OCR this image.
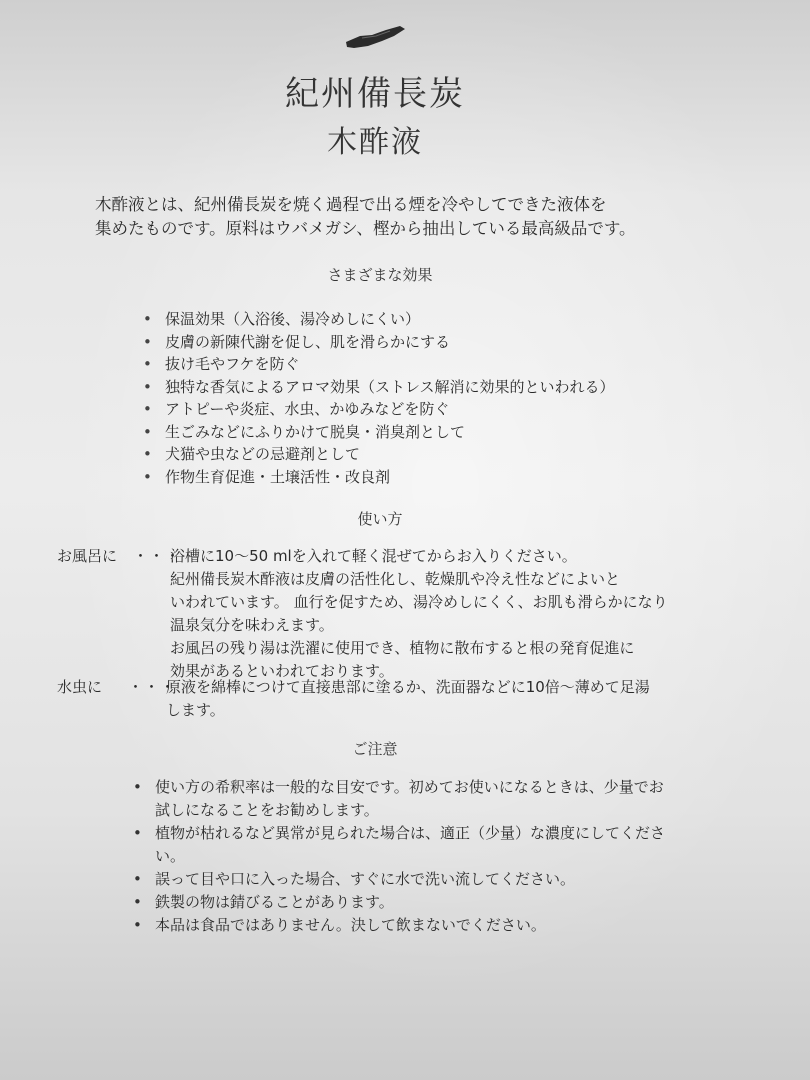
紀州備長炭
木酢液
木酢液とは、紀州備長炭を焼く過程で出る煙を冷やしてできた液体を
集めたものです。原料はウバメガシ、樫から抽出している最高級品です。
さまざまな効果
• 保温効果（入浴後、湯冷めしにくい）
• 皮膚の新陳代謝を促し、肌を滑らかにする
• 抜け毛やフケを防ぐ
• 独特な香気によるアロマ効果（ストレス解消に効果的といわれる）
• アトピーや炎症、水虫、かゆみなどを防ぐ
• 生ごみなどにふりかけて脱臭・消臭剤として
• 犬猫や虫などの忌避剤として
• 作物生育促進・土壌活性・改良剤
使い方
お風呂に ・・・
浴槽に10～50 mlを入れて軽く混ぜてからお入りください。
紀州備長炭木酢液は皮膚の活性化し、乾燥肌や冷え性などによいと
いわれています。 血行を促すため、湯冷めしにくく、お肌も滑らかになり
温泉気分を味わえます。
お風呂の残り湯は洗濯に使用でき、植物に散布すると根の発育促進に
効果があるといわれております。
水虫に ・・・
原液を綿棒につけて直接患部に塗るか、洗面器などに10倍～薄めて足湯
します。
ご注意
• 使い方の希釈率は一般的な目安です。初めてお使いになるときは、少量でお試しになることをお勧めします。
• 植物が枯れるなど異常が見られた場合は、適正（少量）な濃度にしてください。
• 誤って目や口に入った場合、すぐに水で洗い流してください。
• 鉄製の物は錆びることがあります。
• 本品は食品ではありません。決して飲まないでください。
